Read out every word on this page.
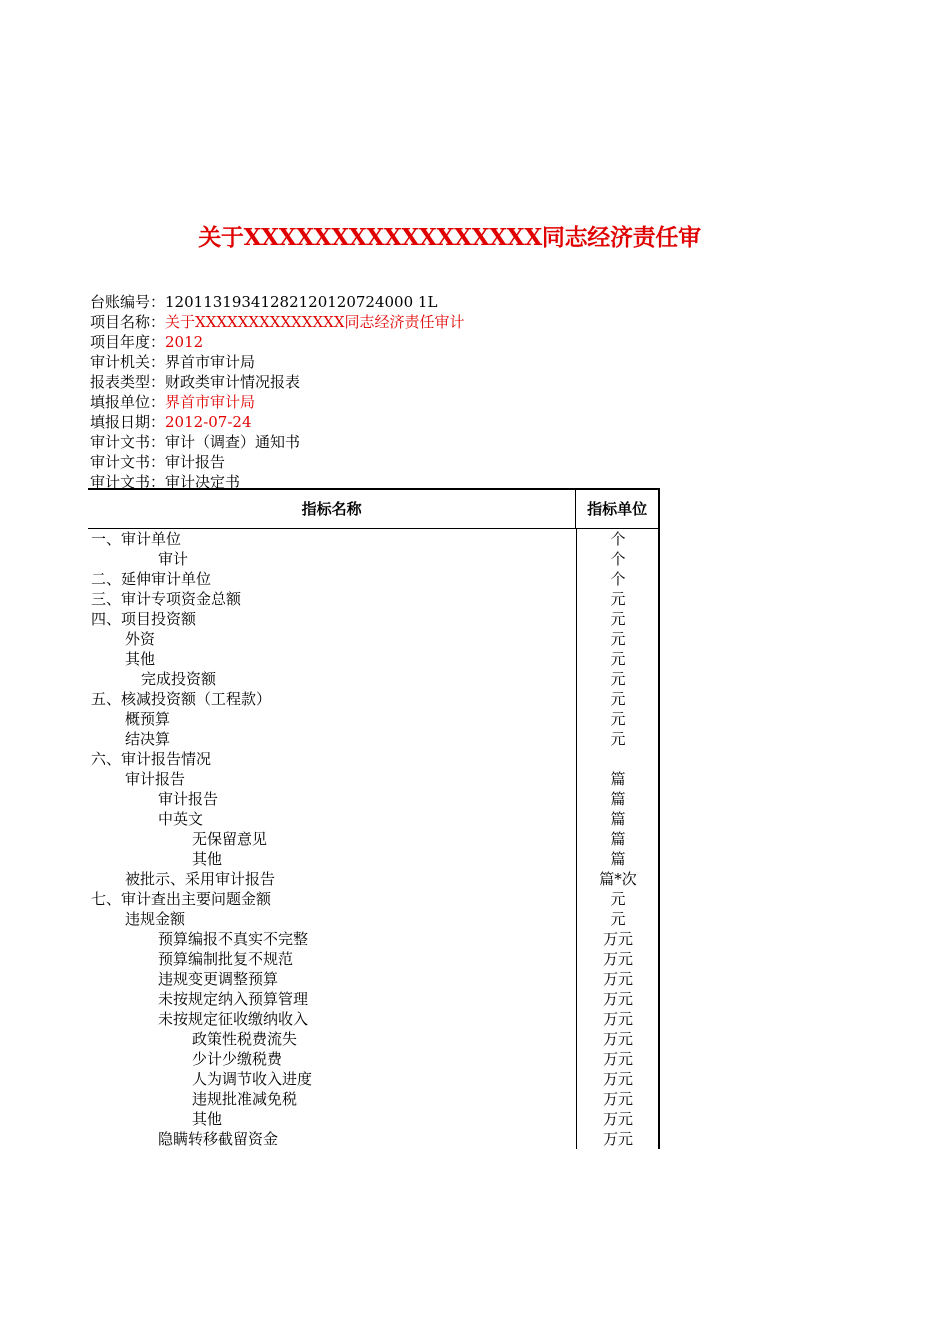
关于XXXXXXXXXXXXXXXXX同志经济责任审
台账编号：12011319341282120120724000 1L
项目名称：关于XXXXXXXXXXXXXX同志经济责任审计
项目年度：2012
审计机关：界首市审计局
报表类型：财政类审计情况报表
填报单位：界首市审计局
填报日期：2012-07-24
审计文书：审计（调查）通知书
审计文书：审计报告
审计文书：审计决定书
指标名称	指标单位
一、审计单位	个
审计	个
二、延伸审计单位	个
三、审计专项资金总额	元
四、项目投资额	元
外资	元
其他	元
完成投资额	元
五、核减投资额（工程款）	元
概预算	元
结决算	元
六、审计报告情况
审计报告	篇
审计报告	篇
中英文	篇
无保留意见	篇
其他	篇
被批示、采用审计报告	篇*次
七、审计查出主要问题金额	元
违规金额	元
预算编报不真实不完整	万元
预算编制批复不规范	万元
违规变更调整预算	万元
未按规定纳入预算管理	万元
未按规定征收缴纳收入	万元
政策性税费流失	万元
少计少缴税费	万元
人为调节收入进度	万元
违规批准减免税	万元
其他	万元
隐瞒转移截留资金	万元
